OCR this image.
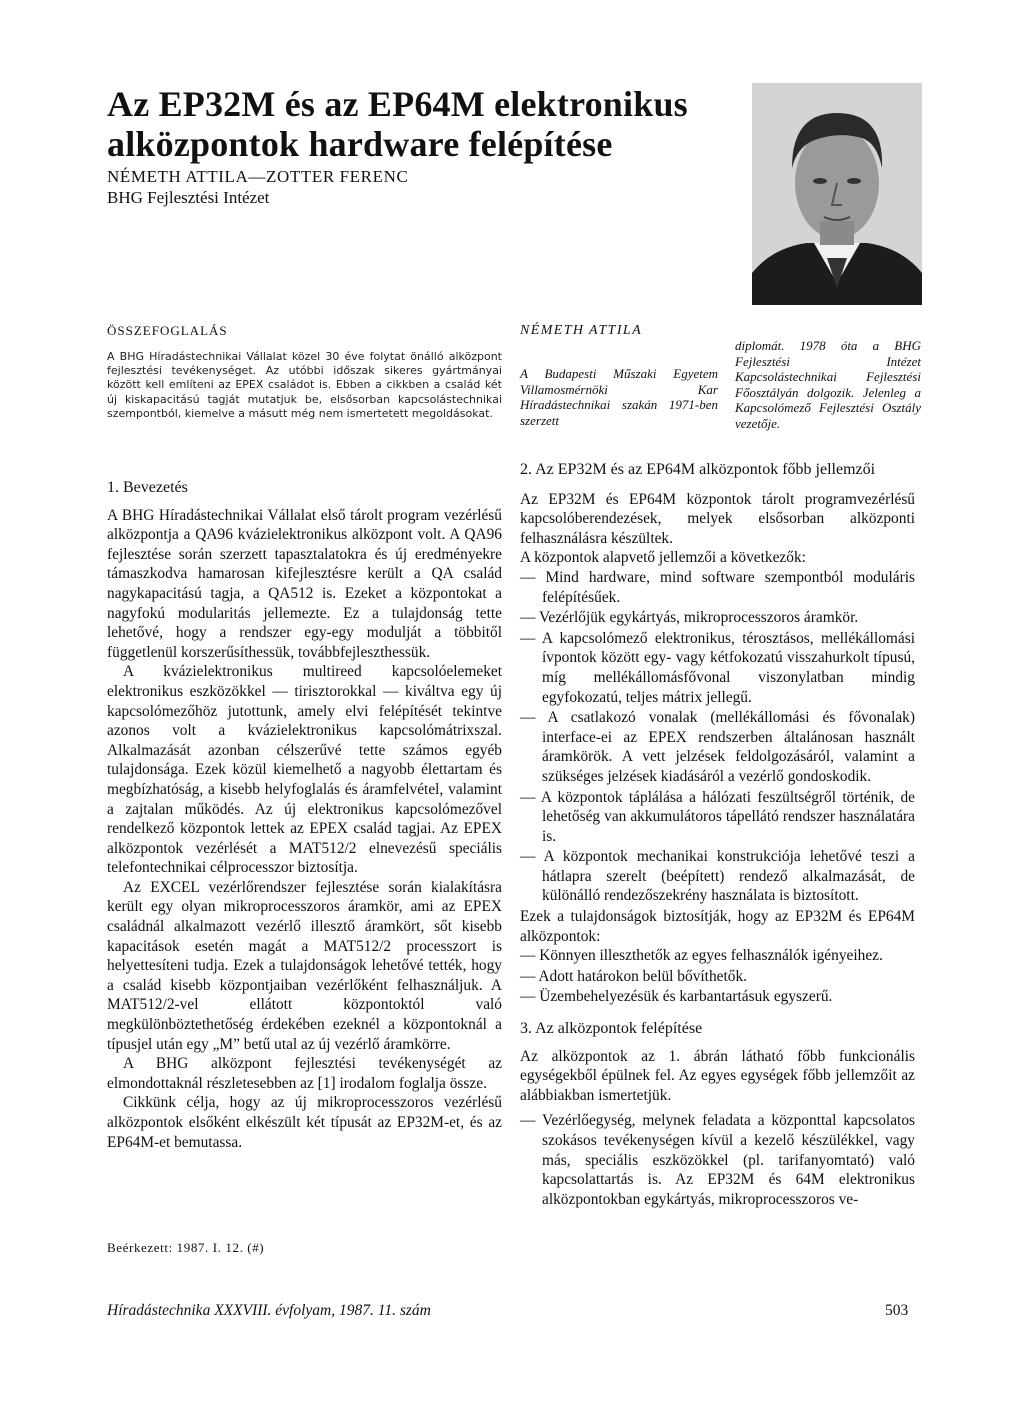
Az EP32M és az EP64M elektronikus alközpontok hardware felépítése
NÉMETH ATTILA—ZOTTER FERENC
BHG Fejlesztési Intézet
ÖSSZEFOGLALÁS
A BHG Híradástechnikai Vállalat közel 30 éve folytat önálló alközpont fejlesztési tevékenységet. Az utóbbi időszak sikeres gyártmányai között kell említeni az EPEX családot is. Ebben a cikkben a család két új kiskapacitású tagját mutatjuk be, elsősorban kapcsolástechnikai szempontból, kiemelve a másutt még nem ismertetett megoldásokat.
NÉMETH ATTILA
A Budapesti Műszaki Egyetem Villamosmérnöki Kar Híradástechnikai szakán 1971-ben szerzett
diplomát. 1978 óta a BHG Fejlesztési Intézet Kapcsolástechnikai Fejlesztési Főosztályán dolgozik. Jelenleg a Kapcsolómező Fejlesztési Osztály vezetője.

1. Bevezetés

A BHG Híradástechnikai Vállalat első tárolt program vezérlésű alközpontja a QA96 kvázielektronikus alközpont volt. A QA96 fejlesztése során szerzett tapasztalatokra és új eredményekre támaszkodva hamarosan kifejlesztésre került a QA család nagykapacitású tagja, a QA512 is. Ezeket a központokat a nagyfokú modularitás jellemezte. Ez a tulajdonság tette lehetővé, hogy a rendszer egy-egy modulját a többitől függetlenül korszerűsíthessük, továbbfejleszthessük.

A kvázielektronikus multireed kapcsolóelemeket elektronikus eszközökkel — tirisztorokkal — kiváltva egy új kapcsolómezőhöz jutottunk, amely elvi felépítését tekintve azonos volt a kvázielektronikus kapcsolómátrixszal. Alkalmazását azonban célszerűvé tette számos egyéb tulajdonsága. Ezek közül kiemelhető a nagyobb élettartam és megbízhatóság, a kisebb helyfoglalás és áramfelvétel, valamint a zajtalan működés. Az új elektronikus kapcsolómezővel rendelkező központok lettek az EPEX család tagjai. Az EPEX alközpontok vezérlését a MAT512/2 elnevezésű speciális telefontechnikai célprocesszor biztosítja.

Az EXCEL vezérlőrendszer fejlesztése során kialakításra került egy olyan mikroprocesszoros áramkör, ami az EPEX családnál alkalmazott vezérlő illesztő áramkört, sőt kisebb kapacitások esetén magát a MAT512/2 processzort is helyettesíteni tudja. Ezek a tulajdonságok lehetővé tették, hogy a család kisebb központjaiban vezérlőként felhasználjuk. A MAT512/2-vel ellátott központoktól való megkülönböztethetőség érdekében ezeknél a központoknál a típusjel után egy „M” betű utal az új vezérlő áramkörre.

A BHG alközpont fejlesztési tevékenységét az elmondottaknál részletesebben az [1] irodalom foglalja össze.

Cikkünk célja, hogy az új mikroprocesszoros vezérlésű alközpontok elsőként elkészült két típusát az EP32M-et, és az EP64M-et bemutassa.

Beérkezett: 1987. I. 12. (#)

2. Az EP32M és az EP64M alközpontok főbb jellemzői

Az EP32M és EP64M központok tárolt programvezérlésű kapcsolóberendezések, melyek elsősorban alközponti felhasználásra készültek.

A központok alapvető jellemzői a következők:

— Mind hardware, mind software szempontból moduláris felépítésűek.

— Vezérlőjük egykártyás, mikroprocesszoros áramkör.

— A kapcsolómező elektronikus, térosztásos, mellékállomási ívpontok között egy- vagy kétfokozatú visszahurkolt típusú, míg mellékállomásfővonal viszonylatban mindig egyfokozatú, teljes mátrix jellegű.

— A csatlakozó vonalak (mellékállomási és fővonalak) interface-ei az EPEX rendszerben általánosan használt áramkörök. A vett jelzések feldolgozásáról, valamint a szükséges jelzések kiadásáról a vezérlő gondoskodik.

— A központok táplálása a hálózati feszültségről történik, de lehetőség van akkumulátoros tápellátó rendszer használatára is.

— A központok mechanikai konstrukciója lehetővé teszi a hátlapra szerelt (beépített) rendező alkalmazását, de különálló rendezőszekrény használata is biztosított.

Ezek a tulajdonságok biztosítják, hogy az EP32M és EP64M alközpontok:

— Könnyen illeszthetők az egyes felhasználók igényeihez.

— Adott határokon belül bővíthetők.

— Üzembehelyezésük és karbantartásuk egyszerű.

3. Az alközpontok felépítése

Az alközpontok az 1. ábrán látható főbb funkcionális egységekből épülnek fel. Az egyes egységek főbb jellemzőit az alábbiakban ismertetjük.

— Vezérlőegység, melynek feladata a központtal kapcsolatos szokásos tevékenységen kívül a kezelő készülékkel, vagy más, speciális eszközökkel (pl. tarifanyomtató) való kapcsolattartás is. Az EP32M és 64M elektronikus alközpontokban egykártyás, mikroprocesszoros ve-

Híradástechnika XXXVIII. évfolyam, 1987. 11. szám	503
